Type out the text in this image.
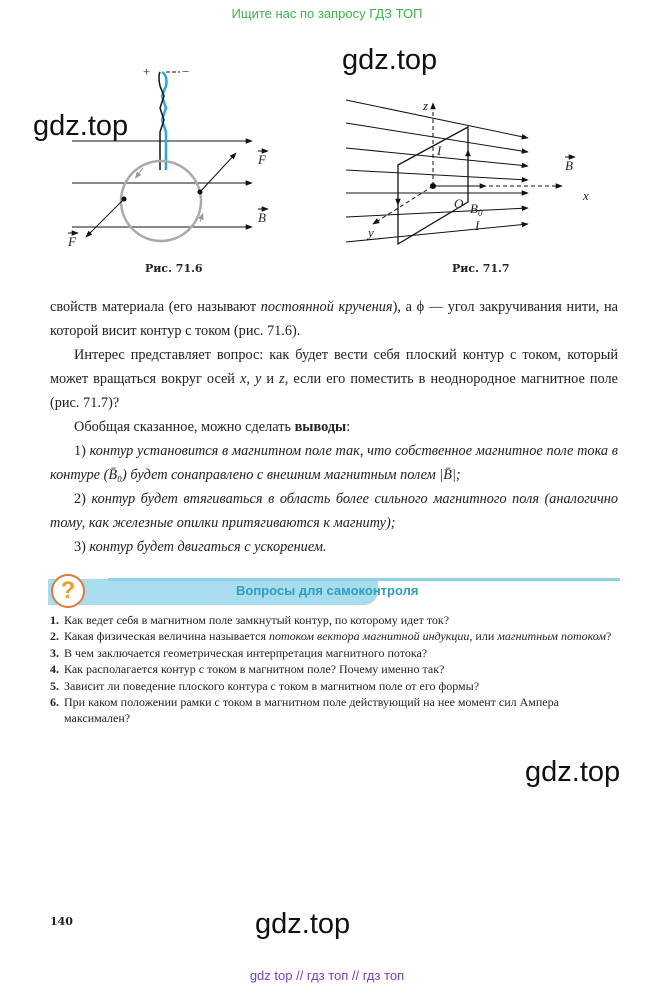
Ищите нас по запросу ГДЗ ТОП
gdz.top
gdz.top
gdz.top
gdz.top
+ −
F
F
B
Рис. 71.6
z
x
y
O
I
I
B
$B_0$
Рис. 71.7

свойств материала (его называют постоянной кручения), а ϕ — угол закручивания нити, на которой висит контур с током (рис. 71.6).

Интерес представляет вопрос: как будет вести себя плоский контур с током, который может вращаться вокруг осей x, y и z, если его поместить в неоднородное магнитное поле (рис. 71.7)?

Обобщая сказанное, можно сделать выводы:

1) контур установится в магнитном поле так, что собственное магнитное поле тока в контуре (B̄₀) будет сонаправлено с внешним магнитным полем |B̄|;

2) контур будет втягиваться в область более сильного магнитного поля (аналогично тому, как железные опилки притягиваются к магниту);

3) контур будет двигаться с ускорением.

?	Вопросы для самоконтроля
1. Как ведет себя в магнитном поле замкнутый контур, по которому идет ток?
2. Какая физическая величина называется потоком вектора магнитной индукции, или магнитным потоком?
3. В чем заключается геометрическая интерпретация магнитного потока?
4. Как располагается контур с током в магнитном поле? Почему именно так?
5. Зависит ли поведение плоского контура с током в магнитном поле от его формы?
6. При каком положении рамки с током в магнитном поле действующий на нее момент сил Ампера максимален?
140
gdz top // гдз топ // гдз топ
